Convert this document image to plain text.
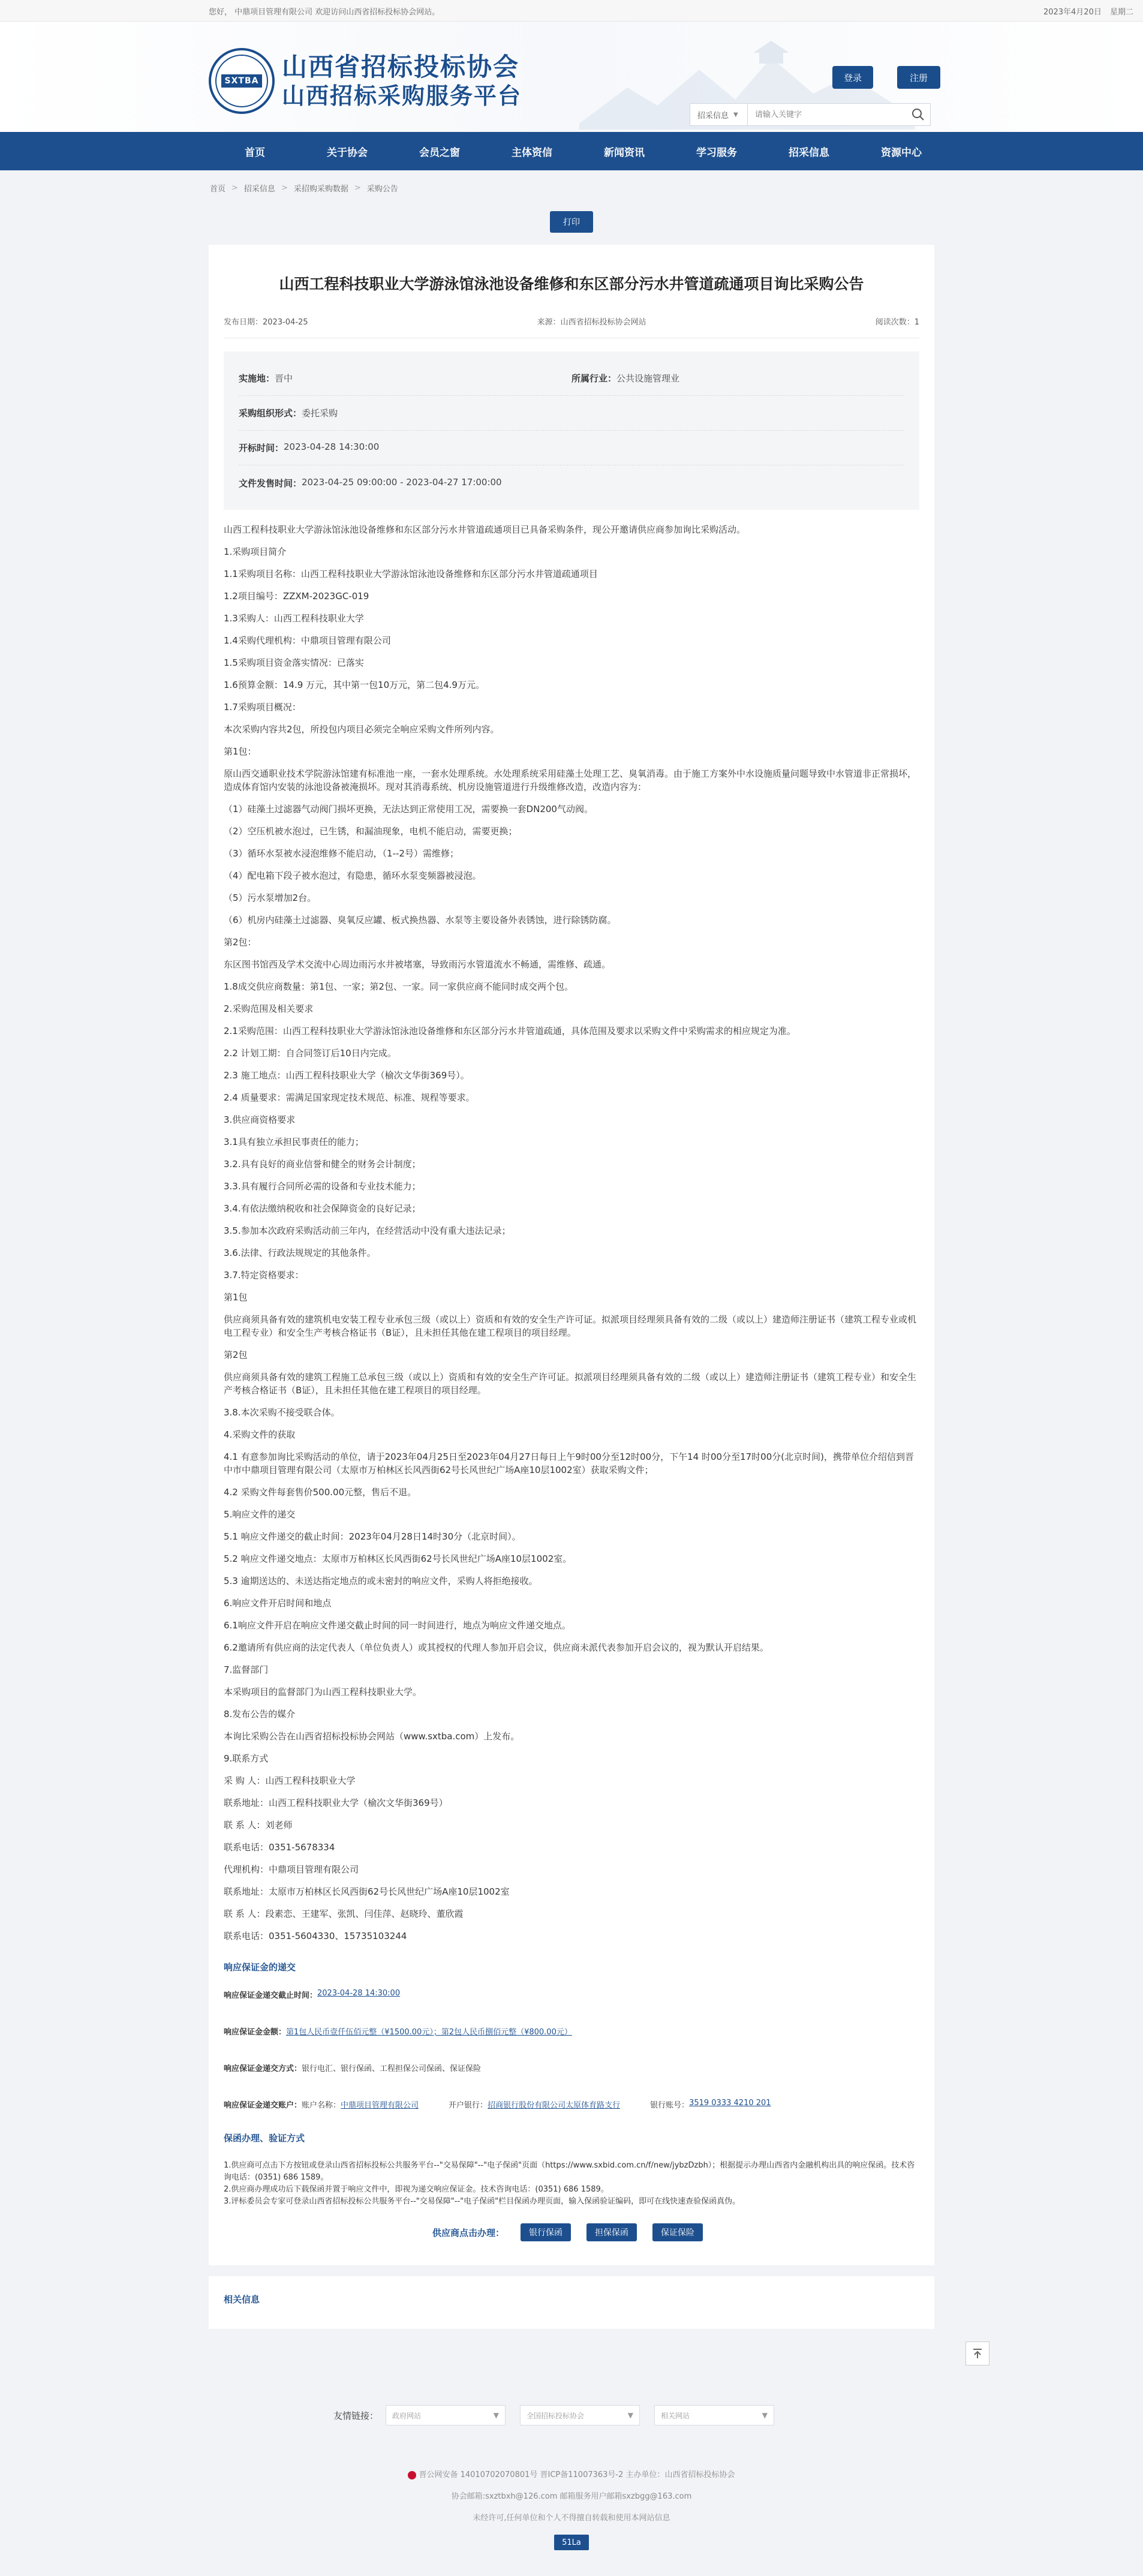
您好， 中鼎项目管理有限公司 欢迎访问山西省招标投标协会网站。	2023年4月20日 星期二
SXTBA 山西省招标投标协会
山西招标采购服务平台
登录	注册
招采信息 ▼
请输入关键字
首页	关于协会	会员之窗	主体资信	新闻资讯	学习服务	招采信息	资源中心
首页 > 招采信息 > 采招购采购数据 > 采购公告
打印
山西工程科技职业大学游泳馆泳池设备维修和东区部分污水井管道疏通项目询比采购公告
发布日期：2023-04-25	来源：山西省招标投标协会网站	阅读次数：1
实施地： 晋中	所属行业： 公共设施管理业
采购组织形式： 委托采购
开标时间： 2023-04-28 14:30:00
文件发售时间： 2023-04-25 09:00:00 - 2023-04-27 17:00:00

山西工程科技职业大学游泳馆泳池设备维修和东区部分污水井管道疏通项目已具备采购条件，现公开邀请供应商参加询比采购活动。

1.采购项目简介

1.1采购项目名称：山西工程科技职业大学游泳馆泳池设备维修和东区部分污水井管道疏通项目

1.2项目编号：ZZXM-2023GC-019

1.3采购人：山西工程科技职业大学

1.4采购代理机构：中鼎项目管理有限公司

1.5采购项目资金落实情况：已落实

1.6预算金额：14.9 万元，其中第一包10万元，第二包4.9万元。

1.7采购项目概况：

本次采购内容共2包，所投包内项目必须完全响应采购文件所列内容。

第1包：

原山西交通职业技术学院游泳馆建有标准池一座，一套水处理系统。水处理系统采用硅藻土处理工艺、臭氧消毒。由于施工方案外中水设施质量问题导致中水管道非正常损坏，造成体育馆内安装的泳池设备被淹损坏。现对其消毒系统、机房设施管道进行升级维修改造，改造内容为：

（1）硅藻土过滤器气动阀门损坏更换，无法达到正常使用工况，需要换一套DN200气动阀。

（2）空压机被水泡过，已生锈，和漏油现象，电机不能启动，需要更换；

（3）循环水泵被水浸泡维修不能启动，（1--2号）需维修；

（4）配电箱下段子被水泡过，有隐患，循环水泵变频器被浸泡。

（5）污水泵增加2台。

（6）机房内硅藻土过滤器、臭氧反应罐、板式换热器、水泵等主要设备外表锈蚀，进行除锈防腐。

第2包：

东区图书馆西及学术交流中心周边雨污水井被堵塞，导致雨污水管道流水不畅通，需维修、疏通。

1.8成交供应商数量：第1包、一家；第2包、一家。同一家供应商不能同时成交两个包。

2.采购范围及相关要求

2.1采购范围：山西工程科技职业大学游泳馆泳池设备维修和东区部分污水井管道疏通，具体范围及要求以采购文件中采购需求的相应规定为准。

2.2 计划工期：自合同签订后10日内完成。

2.3 施工地点：山西工程科技职业大学（榆次文华街369号）。

2.4 质量要求：需满足国家现定技术规范、标准、规程等要求。

3.供应商资格要求

3.1具有独立承担民事责任的能力；

3.2.具有良好的商业信誉和健全的财务会计制度；

3.3.具有履行合同所必需的设备和专业技术能力；

3.4.有依法缴纳税收和社会保障资金的良好记录；

3.5.参加本次政府采购活动前三年内，在经营活动中没有重大违法记录；

3.6.法律、行政法规规定的其他条件。

3.7.特定资格要求：

第1包

供应商须具备有效的建筑机电安装工程专业承包三级（或以上）资质和有效的安全生产许可证。拟派项目经理须具备有效的二级（或以上）建造师注册证书（建筑工程专业或机电工程专业）和安全生产考核合格证书（B证），且未担任其他在建工程项目的项目经理。

第2包

供应商须具备有效的建筑工程施工总承包三级（或以上）资质和有效的安全生产许可证。拟派项目经理须具备有效的二级（或以上）建造师注册证书（建筑工程专业）和安全生产考核合格证书（B证），且未担任其他在建工程项目的项目经理。

3.8.本次采购不接受联合体。

4.采购文件的获取

4.1 有意参加询比采购活动的单位，请于2023年04月25日至2023年04月27日每日上午9时00分至12时00分，下午14 时00分至17时00分(北京时间)，携带单位介绍信到晋中市中鼎项目管理有限公司（太原市万柏林区长风西街62号长风世纪广场A座10层1002室）获取采购文件；

4.2 采购文件每套售价500.00元整，售后不退。

5.响应文件的递交

5.1 响应文件递交的截止时间：2023年04月28日14时30分（北京时间）。

5.2 响应文件递交地点：太原市万柏林区长风西街62号长风世纪广场A座10层1002室。

5.3 逾期送达的、未送达指定地点的或未密封的响应文件，采购人将拒绝接收。

6.响应文件开启时间和地点

6.1响应文件开启在响应文件递交截止时间的同一时间进行，地点为响应文件递交地点。

6.2邀请所有供应商的法定代表人（单位负责人）或其授权的代理人参加开启会议，供应商未派代表参加开启会议的，视为默认开启结果。

7.监督部门

本采购项目的监督部门为山西工程科技职业大学。

8.发布公告的媒介

本询比采购公告在山西省招标投标协会网站（www.sxtba.com）上发布。

9.联系方式

采 购 人：山西工程科技职业大学

联系地址：山西工程科技职业大学（榆次文华街369号）

联 系 人：刘老师

联系电话：0351-5678334

代理机构：中鼎项目管理有限公司

联系地址：太原市万柏林区长风西街62号长风世纪广场A座10层1002室

联 系 人：段素恋、王建军、张凯、闫佳萍、赵晓玲、董欣霞

联系电话：0351-5604330、15735103244

响应保证金的递交
响应保证金递交截止时间： 2023-04-28 14:30:00
响应保证金金额： 第1包人民币壹仟伍佰元整（¥1500.00元）；第2包人民币捌佰元整（¥800.00元）
响应保证金递交方式： 银行电汇、银行保函、工程担保公司保函、保证保险
响应保证金递交账户： 账户名称： 中鼎项目管理有限公司	开户银行： 招商银行股份有限公司太原体育路支行	银行账号： 3519 0333 4210 201
保函办理、验证方式

1.供应商可点击下方按钮或登录山西省招标投标公共服务平台--"交易保障"--"电子保函"页面（https://www.sxbid.com.cn/f/new/jybzDzbh）；根据提示办理山西省内金融机构出具的响应保函。技术咨询电话：(0351) 686 1589。

2.供应商办理成功后下载保函并置于响应文件中，即视为递交响应保证金。技术咨询电话：(0351) 686 1589。

3.评标委员会专家可登录山西省招标投标公共服务平台--"交易保障"--"电子保函"栏目保函办理页面，输入保函验证编码，即可在线快速查验保函真伪。

供应商点击办理：	银行保函	担保保函	保证保险
相关信息
友情链接： 政府网站	▼	全国招标投标协会	▼	相关网站	▼

晋公网安备 14010702070801号 晋ICP备11007363号-2 主办单位：山西省招标投标协会

协会邮箱:sxztbxh@126.com 邮箱服务用户邮箱sxzbgg@163.com

未经许可,任何单位和个人不得擅自转载和使用本网站信息

51La
